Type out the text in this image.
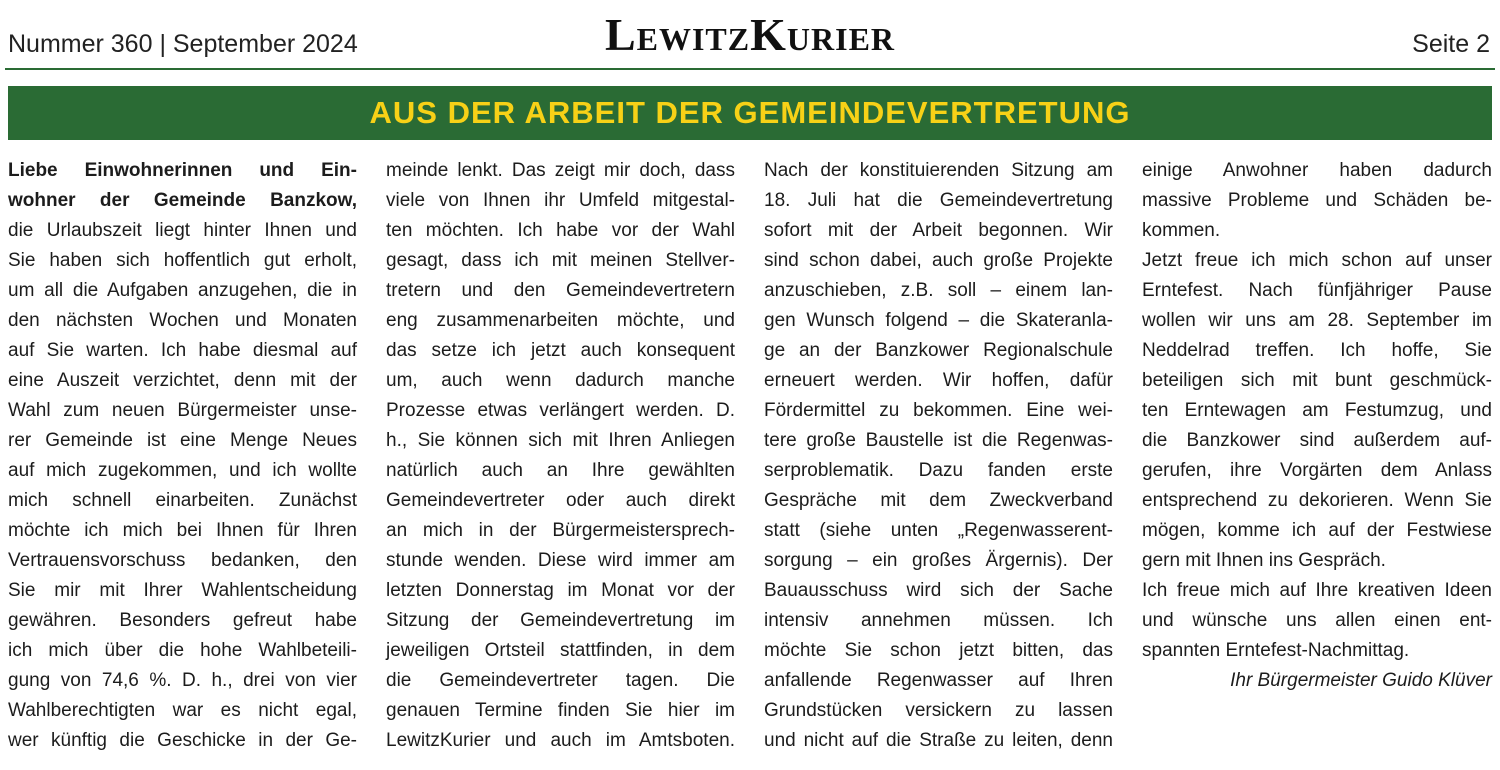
Nummer 360 | September 2024	LewitzKurier	Seite 2
AUS DER ARBEIT DER GEMEINDEVERTRETUNG
Liebe Einwohnerinnen und Ein-
wohner der Gemeinde Banzkow,
die Urlaubszeit liegt hinter Ihnen und
Sie haben sich hoffentlich gut erholt,
um all die Aufgaben anzugehen, die in
den nächsten Wochen und Monaten
auf Sie warten. Ich habe diesmal auf
eine Auszeit verzichtet, denn mit der
Wahl zum neuen Bürgermeister unse-
rer Gemeinde ist eine Menge Neues
auf mich zugekommen, und ich wollte
mich schnell einarbeiten. Zunächst
möchte ich mich bei Ihnen für Ihren
Vertrauensvorschuss bedanken, den
Sie mir mit Ihrer Wahlentscheidung
gewähren. Besonders gefreut habe
ich mich über die hohe Wahlbeteili-
gung von 74,6 %. D. h., drei von vier
Wahlberechtigten war es nicht egal,
wer künftig die Geschicke in der Ge-
meinde lenkt. Das zeigt mir doch, dass
viele von Ihnen ihr Umfeld mitgestal-
ten möchten. Ich habe vor der Wahl
gesagt, dass ich mit meinen Stellver-
tretern und den Gemeindevertretern
eng zusammenarbeiten möchte, und
das setze ich jetzt auch konsequent
um, auch wenn dadurch manche
Prozesse etwas verlängert werden. D.
h., Sie können sich mit Ihren Anliegen
natürlich auch an Ihre gewählten
Gemeindevertreter oder auch direkt
an mich in der Bürgermeistersprech-
stunde wenden. Diese wird immer am
letzten Donnerstag im Monat vor der
Sitzung der Gemeindevertretung im
jeweiligen Ortsteil stattfinden, in dem
die Gemeindevertreter tagen. Die
genauen Termine finden Sie hier im
LewitzKurier und auch im Amtsboten.
Nach der konstituierenden Sitzung am
18. Juli hat die Gemeindevertretung
sofort mit der Arbeit begonnen. Wir
sind schon dabei, auch große Projekte
anzuschieben, z.B. soll – einem lan-
gen Wunsch folgend – die Skateranla-
ge an der Banzkower Regionalschule
erneuert werden. Wir hoffen, dafür
Fördermittel zu bekommen. Eine wei-
tere große Baustelle ist die Regenwas-
serproblematik. Dazu fanden erste
Gespräche mit dem Zweckverband
statt (siehe unten „Regenwasserent-
sorgung – ein großes Ärgernis). Der
Bauausschuss wird sich der Sache
intensiv annehmen müssen. Ich
möchte Sie schon jetzt bitten, das
anfallende Regenwasser auf Ihren
Grundstücken versickern zu lassen
und nicht auf die Straße zu leiten, denn
einige Anwohner haben dadurch
massive Probleme und Schäden be-
kommen.
Jetzt freue ich mich schon auf unser
Erntefest. Nach fünfjähriger Pause
wollen wir uns am 28. September im
Neddelrad treffen. Ich hoffe, Sie
beteiligen sich mit bunt geschmück-
ten Erntewagen am Festumzug, und
die Banzkower sind außerdem auf-
gerufen, ihre Vorgärten dem Anlass
entsprechend zu dekorieren. Wenn Sie
mögen, komme ich auf der Festwiese
gern mit Ihnen ins Gespräch.
Ich freue mich auf Ihre kreativen Ideen
und wünsche uns allen einen ent-
spannten Erntefest-Nachmittag.
Ihr Bürgermeister Guido Klüver
